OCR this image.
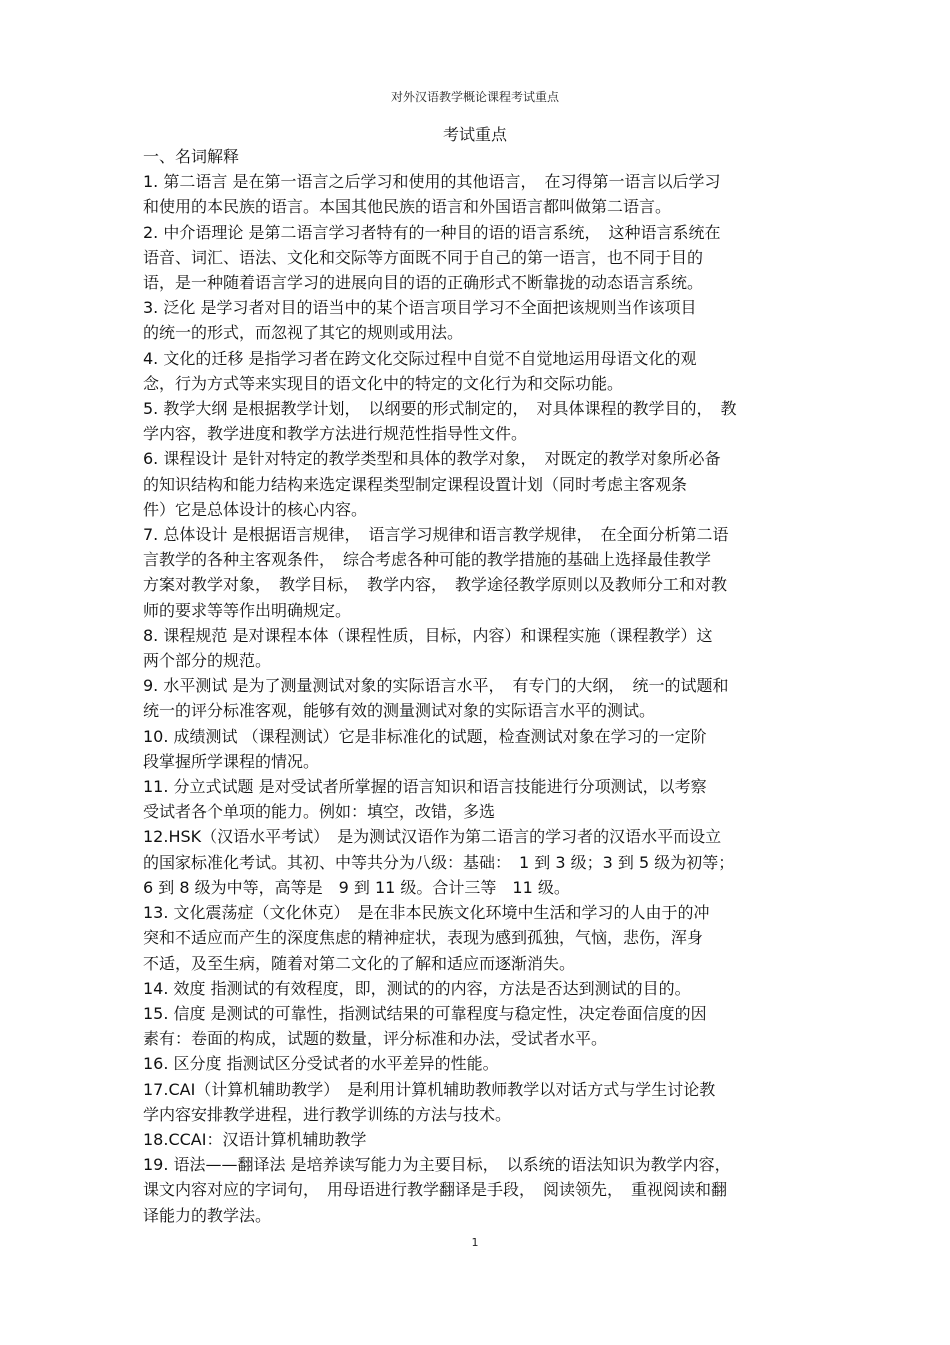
对外汉语教学概论课程考试重点
考试重点
一、名词解释
1. 第二语言 是在第一语言之后学习和使用的其他语言，　在习得第一语言以后学习
和使用的本民族的语言。本国其他民族的语言和外国语言都叫做第二语言。
2. 中介语理论 是第二语言学习者特有的一种目的语的语言系统，　这种语言系统在
语音、词汇、语法、文化和交际等方面既不同于自己的第一语言，也不同于目的
语，是一种随着语言学习的进展向目的语的正确形式不断靠拢的动态语言系统。
3. 泛化 是学习者对目的语当中的某个语言项目学习不全面把该规则当作该项目
的统一的形式，而忽视了其它的规则或用法。
4. 文化的迁移 是指学习者在跨文化交际过程中自觉不自觉地运用母语文化的观
念，行为方式等来实现目的语文化中的特定的文化行为和交际功能。
5. 教学大纲 是根据教学计划，　以纲要的形式制定的，　对具体课程的教学目的，　教
学内容，教学进度和教学方法进行规范性指导性文件。
6. 课程设计 是针对特定的教学类型和具体的教学对象，　对既定的教学对象所必备
的知识结构和能力结构来选定课程类型制定课程设置计划（同时考虑主客观条
件）它是总体设计的核心内容。
7. 总体设计 是根据语言规律，　语言学习规律和语言教学规律，　在全面分析第二语
言教学的各种主客观条件，　综合考虑各种可能的教学措施的基础上选择最佳教学
方案对教学对象，　教学目标，　教学内容，　教学途径教学原则以及教师分工和对教
师的要求等等作出明确规定。
8. 课程规范 是对课程本体（课程性质，目标，内容）和课程实施（课程教学）这
两个部分的规范。
9. 水平测试 是为了测量测试对象的实际语言水平，　有专门的大纲，　统一的试题和
统一的评分标准客观，能够有效的测量测试对象的实际语言水平的测试。
10. 成绩测试 （课程测试）它是非标准化的试题，检查测试对象在学习的一定阶
段掌握所学课程的情况。
11. 分立式试题 是对受试者所掌握的语言知识和语言技能进行分项测试，以考察
受试者各个单项的能力。例如：填空，改错，多选
12.HSK（汉语水平考试）　是为测试汉语作为第二语言的学习者的汉语水平而设立
的国家标准化考试。其初、中等共分为八级：基础：　1 到 3 级；3 到 5 级为初等；
6 到 8 级为中等，高等是　9 到 11 级。合计三等　11 级。
13. 文化震荡症（文化休克）　是在非本民族文化环境中生活和学习的人由于的冲
突和不适应而产生的深度焦虑的精神症状，表现为感到孤独，气恼，悲伤，浑身
不适，及至生病，随着对第二文化的了解和适应而逐渐消失。
14. 效度 指测试的有效程度，即，测试的的内容，方法是否达到测试的目的。
15. 信度 是测试的可靠性，指测试结果的可靠程度与稳定性，决定卷面信度的因
素有：卷面的构成，试题的数量，评分标准和办法，受试者水平。
16. 区分度 指测试区分受试者的水平差异的性能。
17.CAI（计算机辅助教学）　是利用计算机辅助教师教学以对话方式与学生讨论教
学内容安排教学进程，进行教学训练的方法与技术。
18.CCAI：汉语计算机辅助教学
19. 语法——翻译法 是培养读写能力为主要目标，　以系统的语法知识为教学内容，
课文内容对应的字词句，　用母语进行教学翻译是手段，　阅读领先，　重视阅读和翻
译能力的教学法。
1
